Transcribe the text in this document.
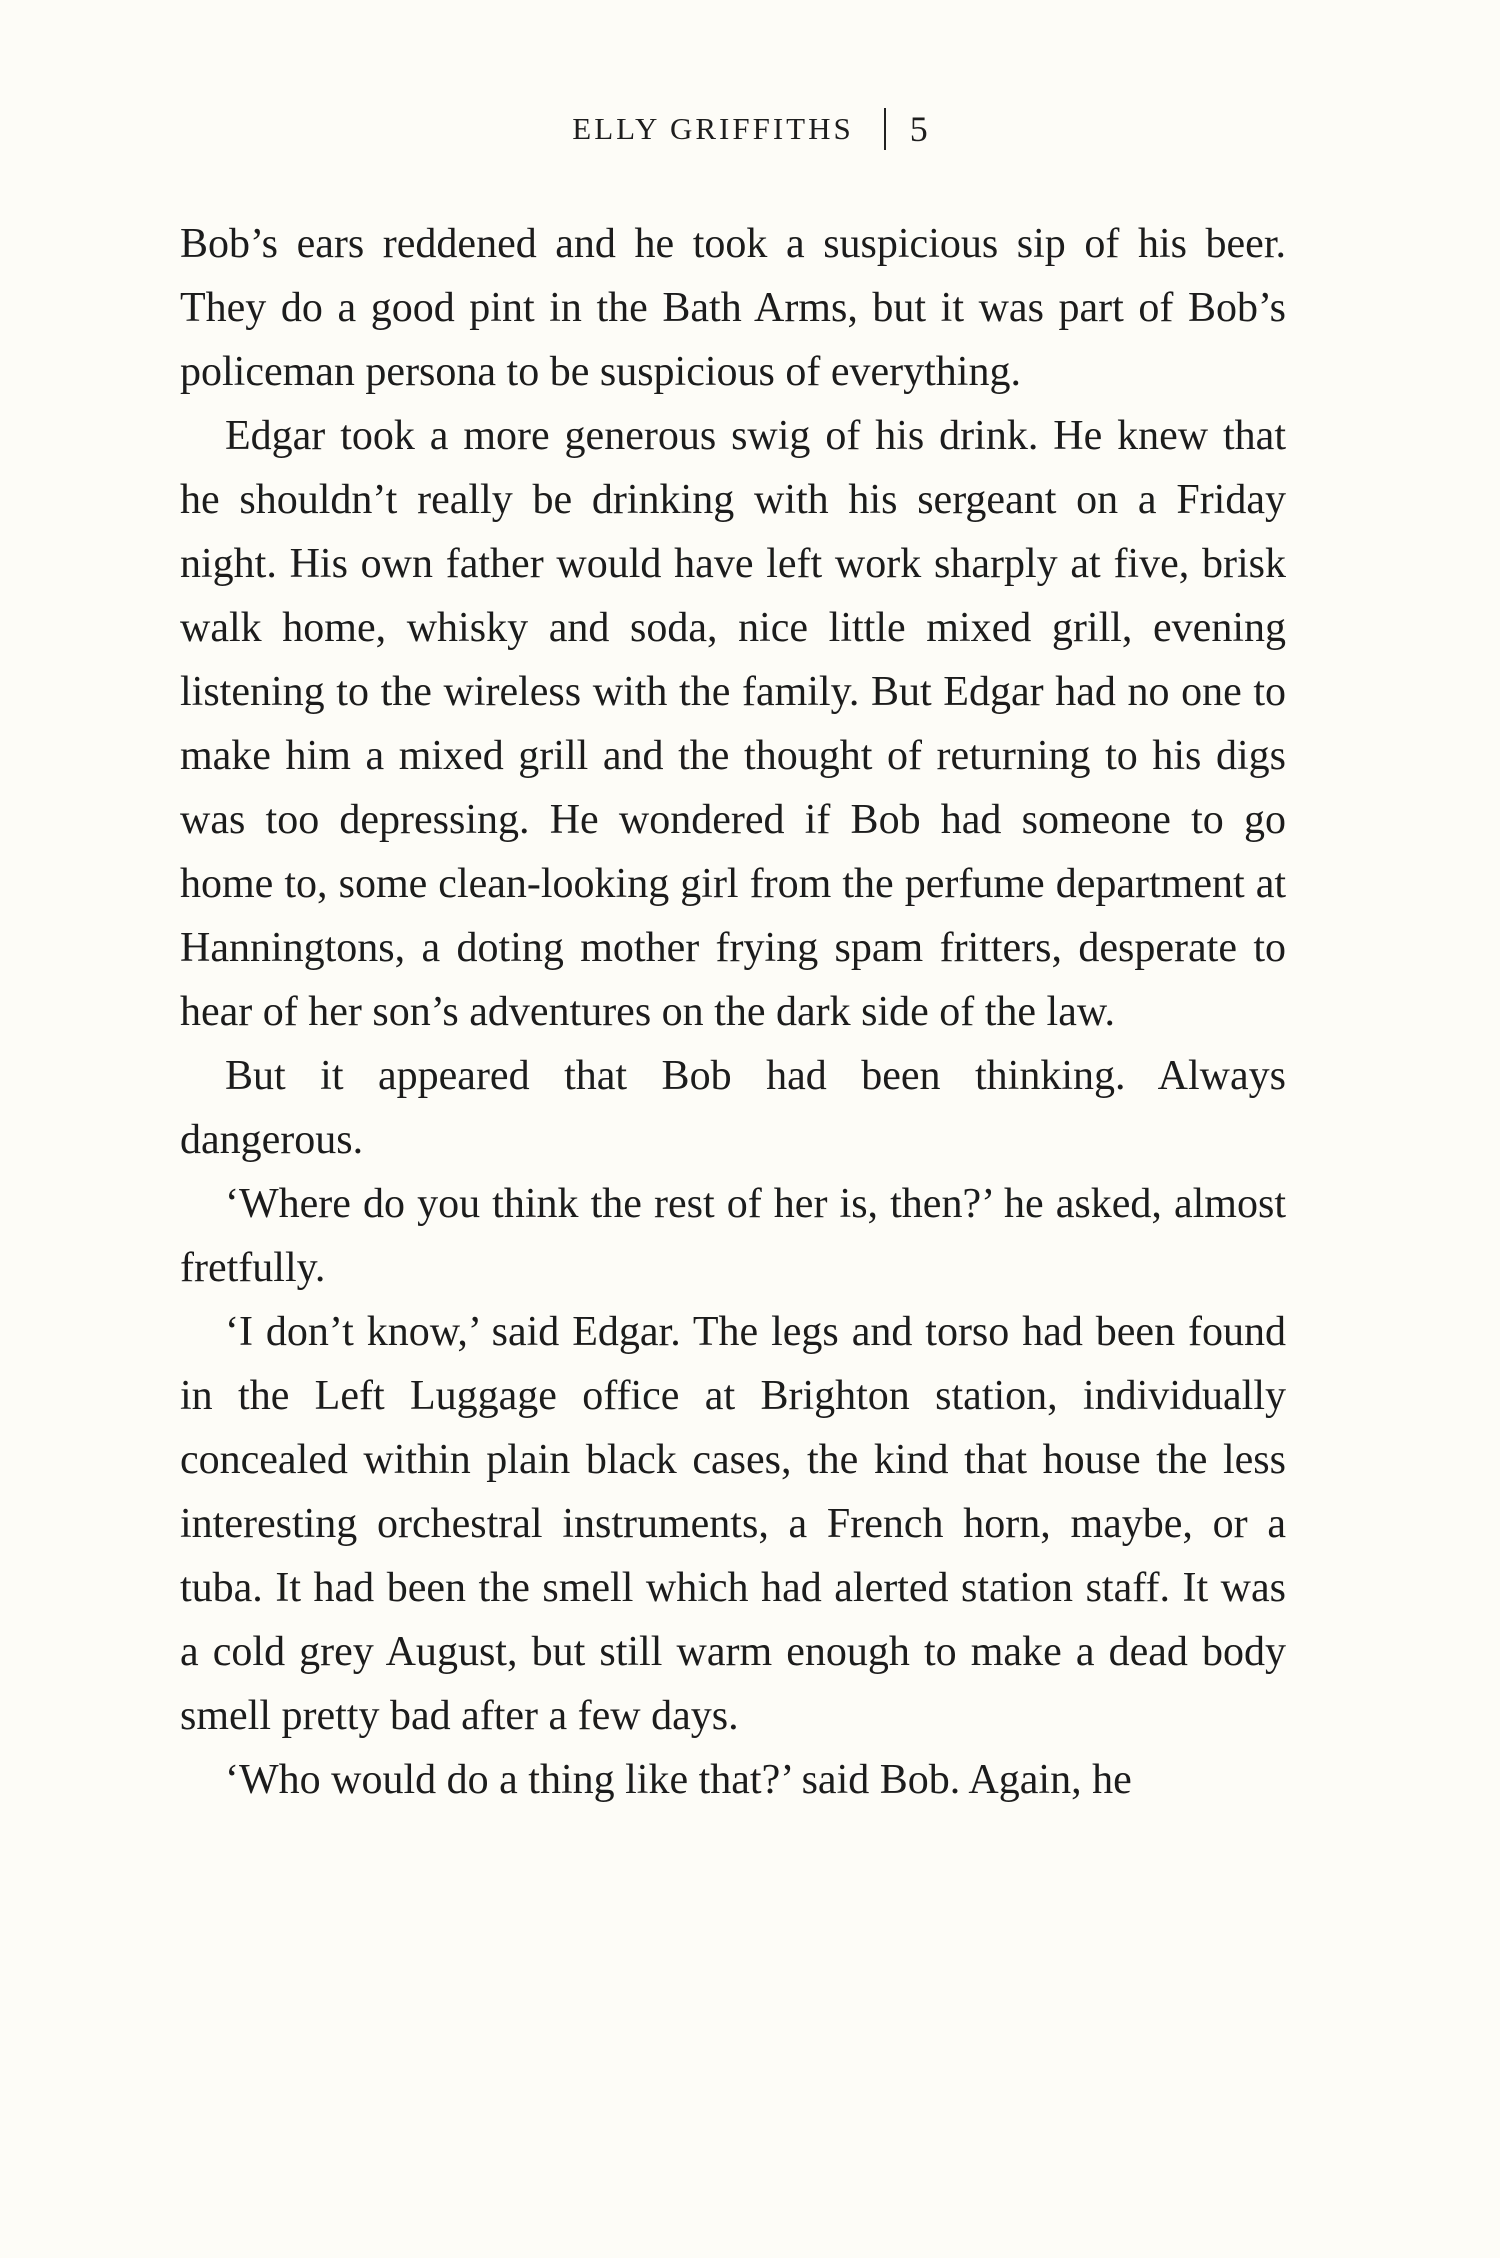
ELLY GRIFFITHS 5

Bob’s ears reddened and he took a suspicious sip of his beer. They do a good pint in the Bath Arms, but it was part of Bob’s policeman persona to be suspicious of everything.

Edgar took a more generous swig of his drink. He knew that he shouldn’t really be drinking with his sergeant on a Friday night. His own father would have left work sharply at five, brisk walk home, whisky and soda, nice little mixed grill, evening listening to the wireless with the family. But Edgar had no one to make him a mixed grill and the thought of returning to his digs was too depressing. He wondered if Bob had someone to go home to, some clean-looking girl from the perfume department at Hanningtons, a doting mother frying spam fritters, desperate to hear of her son’s adventures on the dark side of the law.

But it appeared that Bob had been thinking. Always dangerous.

‘Where do you think the rest of her is, then?’ he asked, almost fretfully.

‘I don’t know,’ said Edgar. The legs and torso had been found in the Left Luggage office at Brighton station, individually concealed within plain black cases, the kind that house the less interesting orchestral instruments, a French horn, maybe, or a tuba. It had been the smell which had alerted station staff. It was a cold grey August, but still warm enough to make a dead body smell pretty bad after a few days.

‘Who would do a thing like that?’ said Bob. Again, he
